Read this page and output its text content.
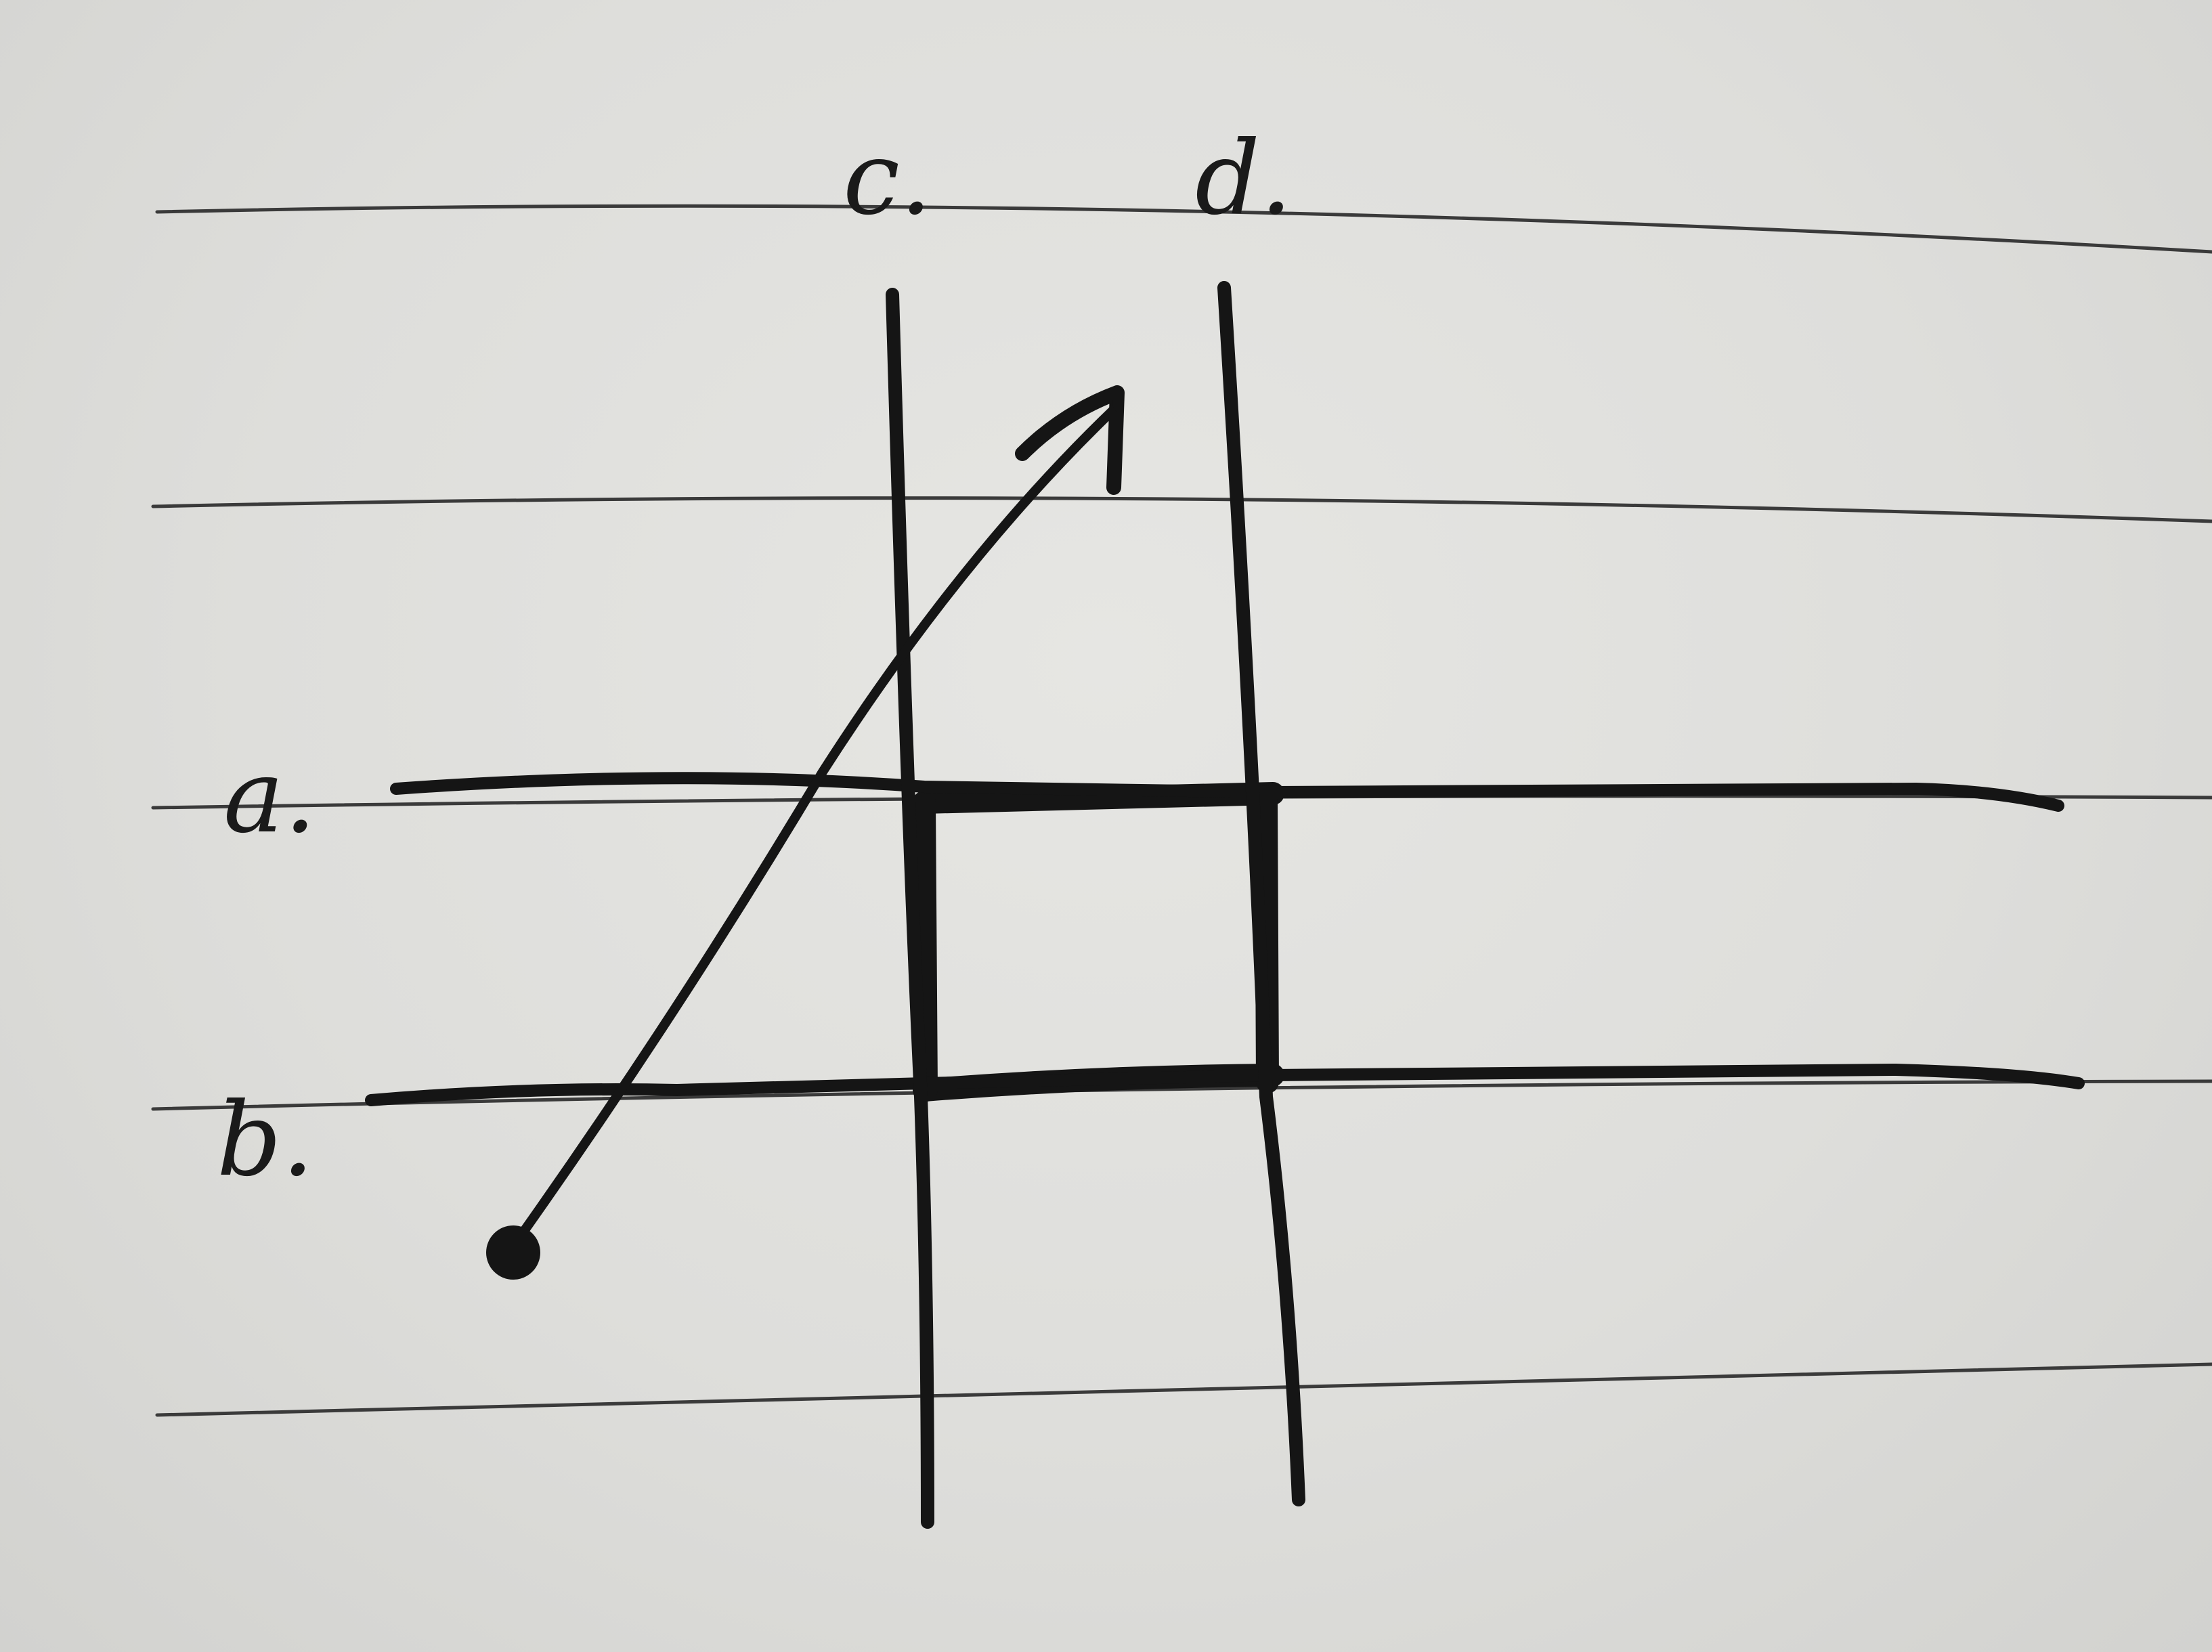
a.
b.
c.	d.
